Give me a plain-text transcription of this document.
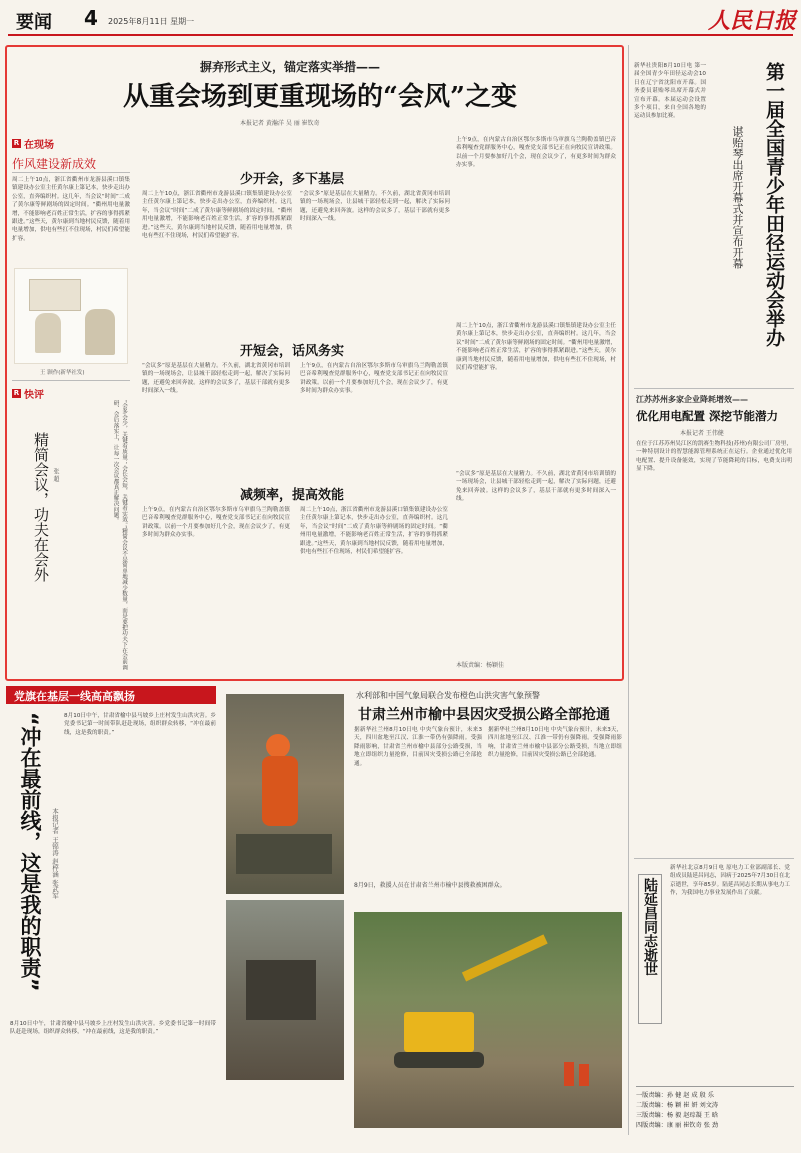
要闻 4 2025年8月11日 星期一	人民日报
摒弃形式主义，锚定落实举措——
从重会场到更重现场的“会风”之变
本报记者 黄瀚洋 吴 丽 崔钦奇
R 在现场
作风建设新成效
周二上午10点，浙江省衢州市龙游县溪口镇集镇建设办公室主任黄尔康上第记本，快步走出办公室，直奔编织村。这几年，当会议“时间”二成了黄尔康等鲜剧场的固定时间。“衢州用电量激增，不能影响老百姓正常生活，扩容的事得抓紧跟进。”这些天，黄尔康到当地村民反馈，随着用电量增加，供电有些扛不住现场，村民们希望能扩容。
王 颢作(新华社发)
R 快评
精简会议，功夫在会外 张 超	“会多会少，关键看质量；会长会短，关键看实效。”精简会议不是简单地减少数量，而是要把功夫下在会前调研、会后落实上，让每一次会议都真正解决问题。
少开会，多下基层
周二上午10点，浙江省衢州市龙游县溪口镇集镇建设办公室主任黄尔康上第记本，快步走出办公室，直奔编织村。这几年，当会议“时间”二成了黄尔康等鲜剧场的固定时间。“衢州用电量激增，不能影响老百姓正常生活，扩容的事得抓紧跟进。”这些天，黄尔康到当地村民反馈，随着用电量增加，供电有些扛不住现场，村民们希望能扩容。
“会议多”原是基层在大量精力。不久前，湖北省黄冈市培训镇的一场现场会，让县城干部轻松走到一起，解决了实际问题，还避免来回奔波。这样的会议多了，基层干部就有更多时间深入一线。
上午9点，在内蒙古自治区鄂尔多斯市乌审旗乌兰陶勒盖镇巴音希利嘎查党群服务中心，嘎查党支部书记正在向牧民宣讲政策。以前一个月要参加好几个会，现在会议少了，有更多时间为群众办实事。
开短会，话风务实
“会议多”原是基层在大量精力。不久前，湖北省黄冈市培训镇的一场现场会，让县城干部轻松走到一起，解决了实际问题，还避免来回奔波。这样的会议多了，基层干部就有更多时间深入一线。
上午9点，在内蒙古自治区鄂尔多斯市乌审旗乌兰陶勒盖镇巴音希利嘎查党群服务中心，嘎查党支部书记正在向牧民宣讲政策。以前一个月要参加好几个会，现在会议少了，有更多时间为群众办实事。
周二上午10点，浙江省衢州市龙游县溪口镇集镇建设办公室主任黄尔康上第记本，快步走出办公室，直奔编织村。这几年，当会议“时间”二成了黄尔康等鲜剧场的固定时间。“衢州用电量激增，不能影响老百姓正常生活，扩容的事得抓紧跟进。”这些天，黄尔康到当地村民反馈，随着用电量增加，供电有些扛不住现场，村民们希望能扩容。
减频率，提高效能
上午9点，在内蒙古自治区鄂尔多斯市乌审旗乌兰陶勒盖镇巴音希利嘎查党群服务中心，嘎查党支部书记正在向牧民宣讲政策。以前一个月要参加好几个会，现在会议少了，有更多时间为群众办实事。
周二上午10点，浙江省衢州市龙游县溪口镇集镇建设办公室主任黄尔康上第记本，快步走出办公室，直奔编织村。这几年，当会议“时间”二成了黄尔康等鲜剧场的固定时间。“衢州用电量激增，不能影响老百姓正常生活，扩容的事得抓紧跟进。”这些天，黄尔康到当地村民反馈，随着用电量增加，供电有些扛不住现场，村民们希望能扩容。
“会议多”原是基层在大量精力。不久前，湖北省黄冈市培训镇的一场现场会，让县城干部轻松走到一起，解决了实际问题，还避免来回奔波。这样的会议多了，基层干部就有更多时间深入一线。
本版责编：杨颖佳
新华社贵阳8月10日电 第一届全国青少年田径运动会10日在辽宁省沈阳市开幕。国务委员谌贻琴出席开幕式并宣布开幕。本届运动会设置多个项目，来自全国各地的运动员参加比赛。	第一届全国青少年田径运动会举办
谌贻琴出席开幕式并宣布开幕
江苏苏州多家企业降耗增效——
优化用电配置 深挖节能潜力
本报记者 王伟健
在位于江苏苏州吴江区的凯赛生物科技(苏州)有限公司厂房里，一种特别设计的智慧能源管理系统正在运行。企业通过优化用电配置、提升设备能效，实现了节能降耗的目标，电费支出明显下降。
陆延昌同志逝世
新华社北京8月9日电 原电力工业部副部长、党组成员陆延昌同志，因病于2025年7月30日在北京逝世，享年85岁。陆延昌同志长期从事电力工作，为我国电力事业发展作出了贡献。
一版责编：孙 健 赵 成 殷 乐
二版责编：杨 颖 崔 妍 刘文涛
三版责编：杨 毅 赵琮凝 王 晗
四版责编：康 丽 崔钦奇 张 劲
党旗在基层一线高高飘扬
“冲在最前线，这是我的职责”	本报记者 王锦涛 赵梓涵 张武军
8月10日中午，甘肃省榆中县马坡乡上庄村发生山洪灾害。乡党委书记第一时间带队赶赴现场，组织群众转移，“冲在最前线，这是我的职责。”
8月10日中午，甘肃省榆中县马坡乡上庄村发生山洪灾害。乡党委书记第一时间带队赶赴现场，组织群众转移，“冲在最前线，这是我的职责。”
水利部和中国气象局联合发布橙色山洪灾害气象预警
甘肃兰州市榆中县因灾受损公路全部抢通
据新华社兰州8月10日电 中央气象台预计，未来3天，四川盆地至江汉、江淮一带仍有强降雨。受强降雨影响，甘肃省兰州市榆中县部分公路受损，当地立即组织力量抢修，目前因灾受损公路已全部抢通。
据新华社兰州8月10日电 中央气象台预计，未来3天，四川盆地至江汉、江淮一带仍有强降雨。受强降雨影响，甘肃省兰州市榆中县部分公路受损，当地立即组织力量抢修，目前因灾受损公路已全部抢通。
8月9日，救援人员在甘肃省兰州市榆中县搜救被困群众。
